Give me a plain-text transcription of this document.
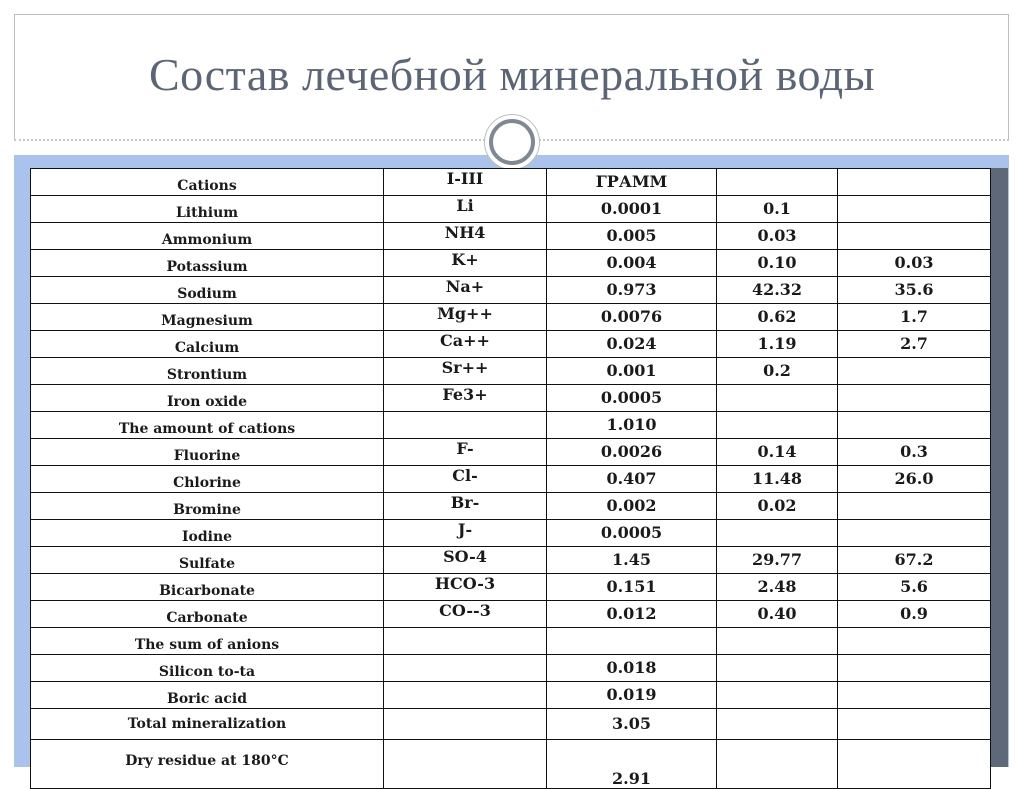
Состав лечебной минеральной воды
Cations	I-III	ГРАММ		
Lithium	Li	0.0001	0.1	
Ammonium	NH4	0.005	0.03	
Potassium	K+	0.004	0.10	0.03
Sodium	Na+	0.973	42.32	35.6
Magnesium	Mg++	0.0076	0.62	1.7
Calcium	Ca++	0.024	1.19	2.7
Strontium	Sr++	0.001	0.2	
Iron oxide	Fe3+	0.0005		
The amount of cations		1.010		
Fluorine	F-	0.0026	0.14	0.3
Chlorine	Cl-	0.407	11.48	26.0
Bromine	Br-	0.002	0.02	
Iodine	J-	0.0005		
Sulfate	SO-4	1.45	29.77	67.2
Bicarbonate	HCO-3	0.151	2.48	5.6
Carbonate	CO--3	0.012	0.40	0.9
The sum of anions				
Silicon to-ta		0.018		
Boric acid		0.019		
Total mineralization		3.05		
Dry residue at 180°C		2.91		
